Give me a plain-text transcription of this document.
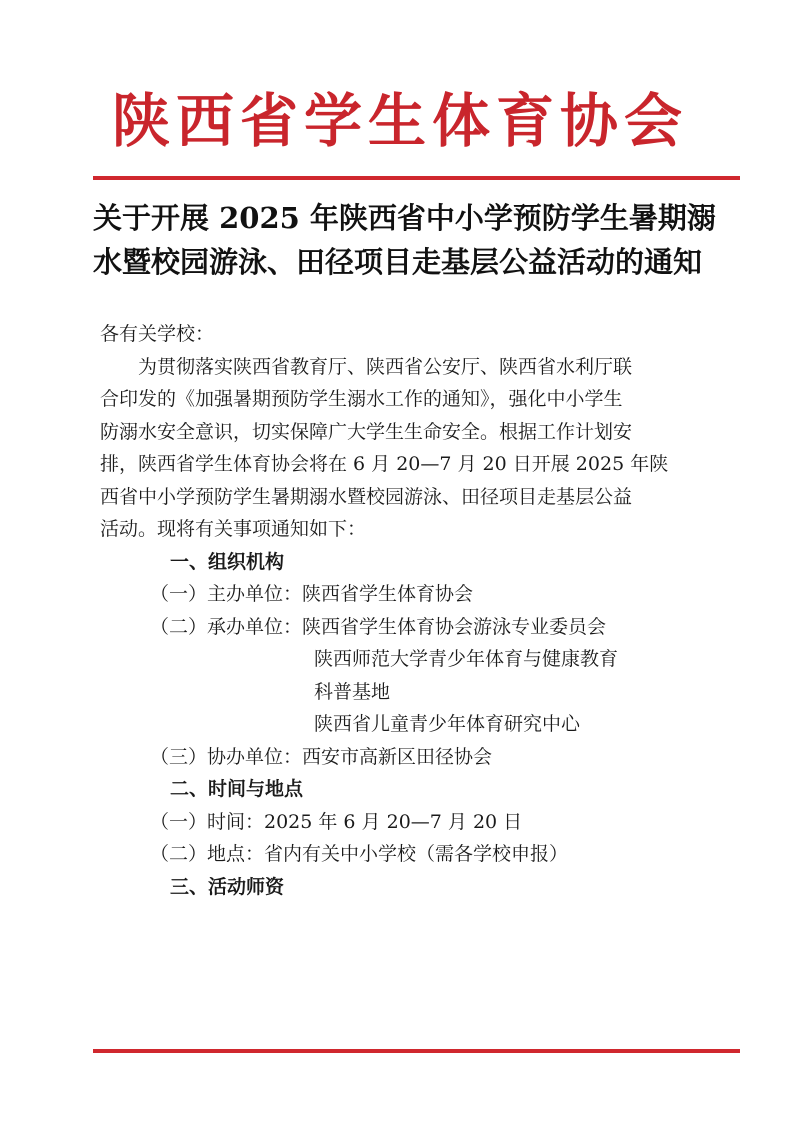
陕西省学生体育协会
关于开展 2025 年陕西省中小学预防学生暑期溺
水暨校园游泳、田径项目走基层公益活动的通知
各有关学校：
为贯彻落实陕西省教育厅、陕西省公安厅、陕西省水利厅联
合印发的《加强暑期预防学生溺水工作的通知》，强化中小学生
防溺水安全意识，切实保障广大学生生命安全。根据工作计划安
排，陕西省学生体育协会将在 6 月 20—7 月 20 日开展 2025 年陕
西省中小学预防学生暑期溺水暨校园游泳、田径项目走基层公益
活动。现将有关事项通知如下：
一、组织机构
（一）主办单位：陕西省学生体育协会
（二）承办单位：陕西省学生体育协会游泳专业委员会
陕西师范大学青少年体育与健康教育
科普基地
陕西省儿童青少年体育研究中心
（三）协办单位：西安市高新区田径协会
二、时间与地点
（一）时间：2025 年 6 月 20—7 月 20 日
（二）地点：省内有关中小学校（需各学校申报）
三、活动师资
